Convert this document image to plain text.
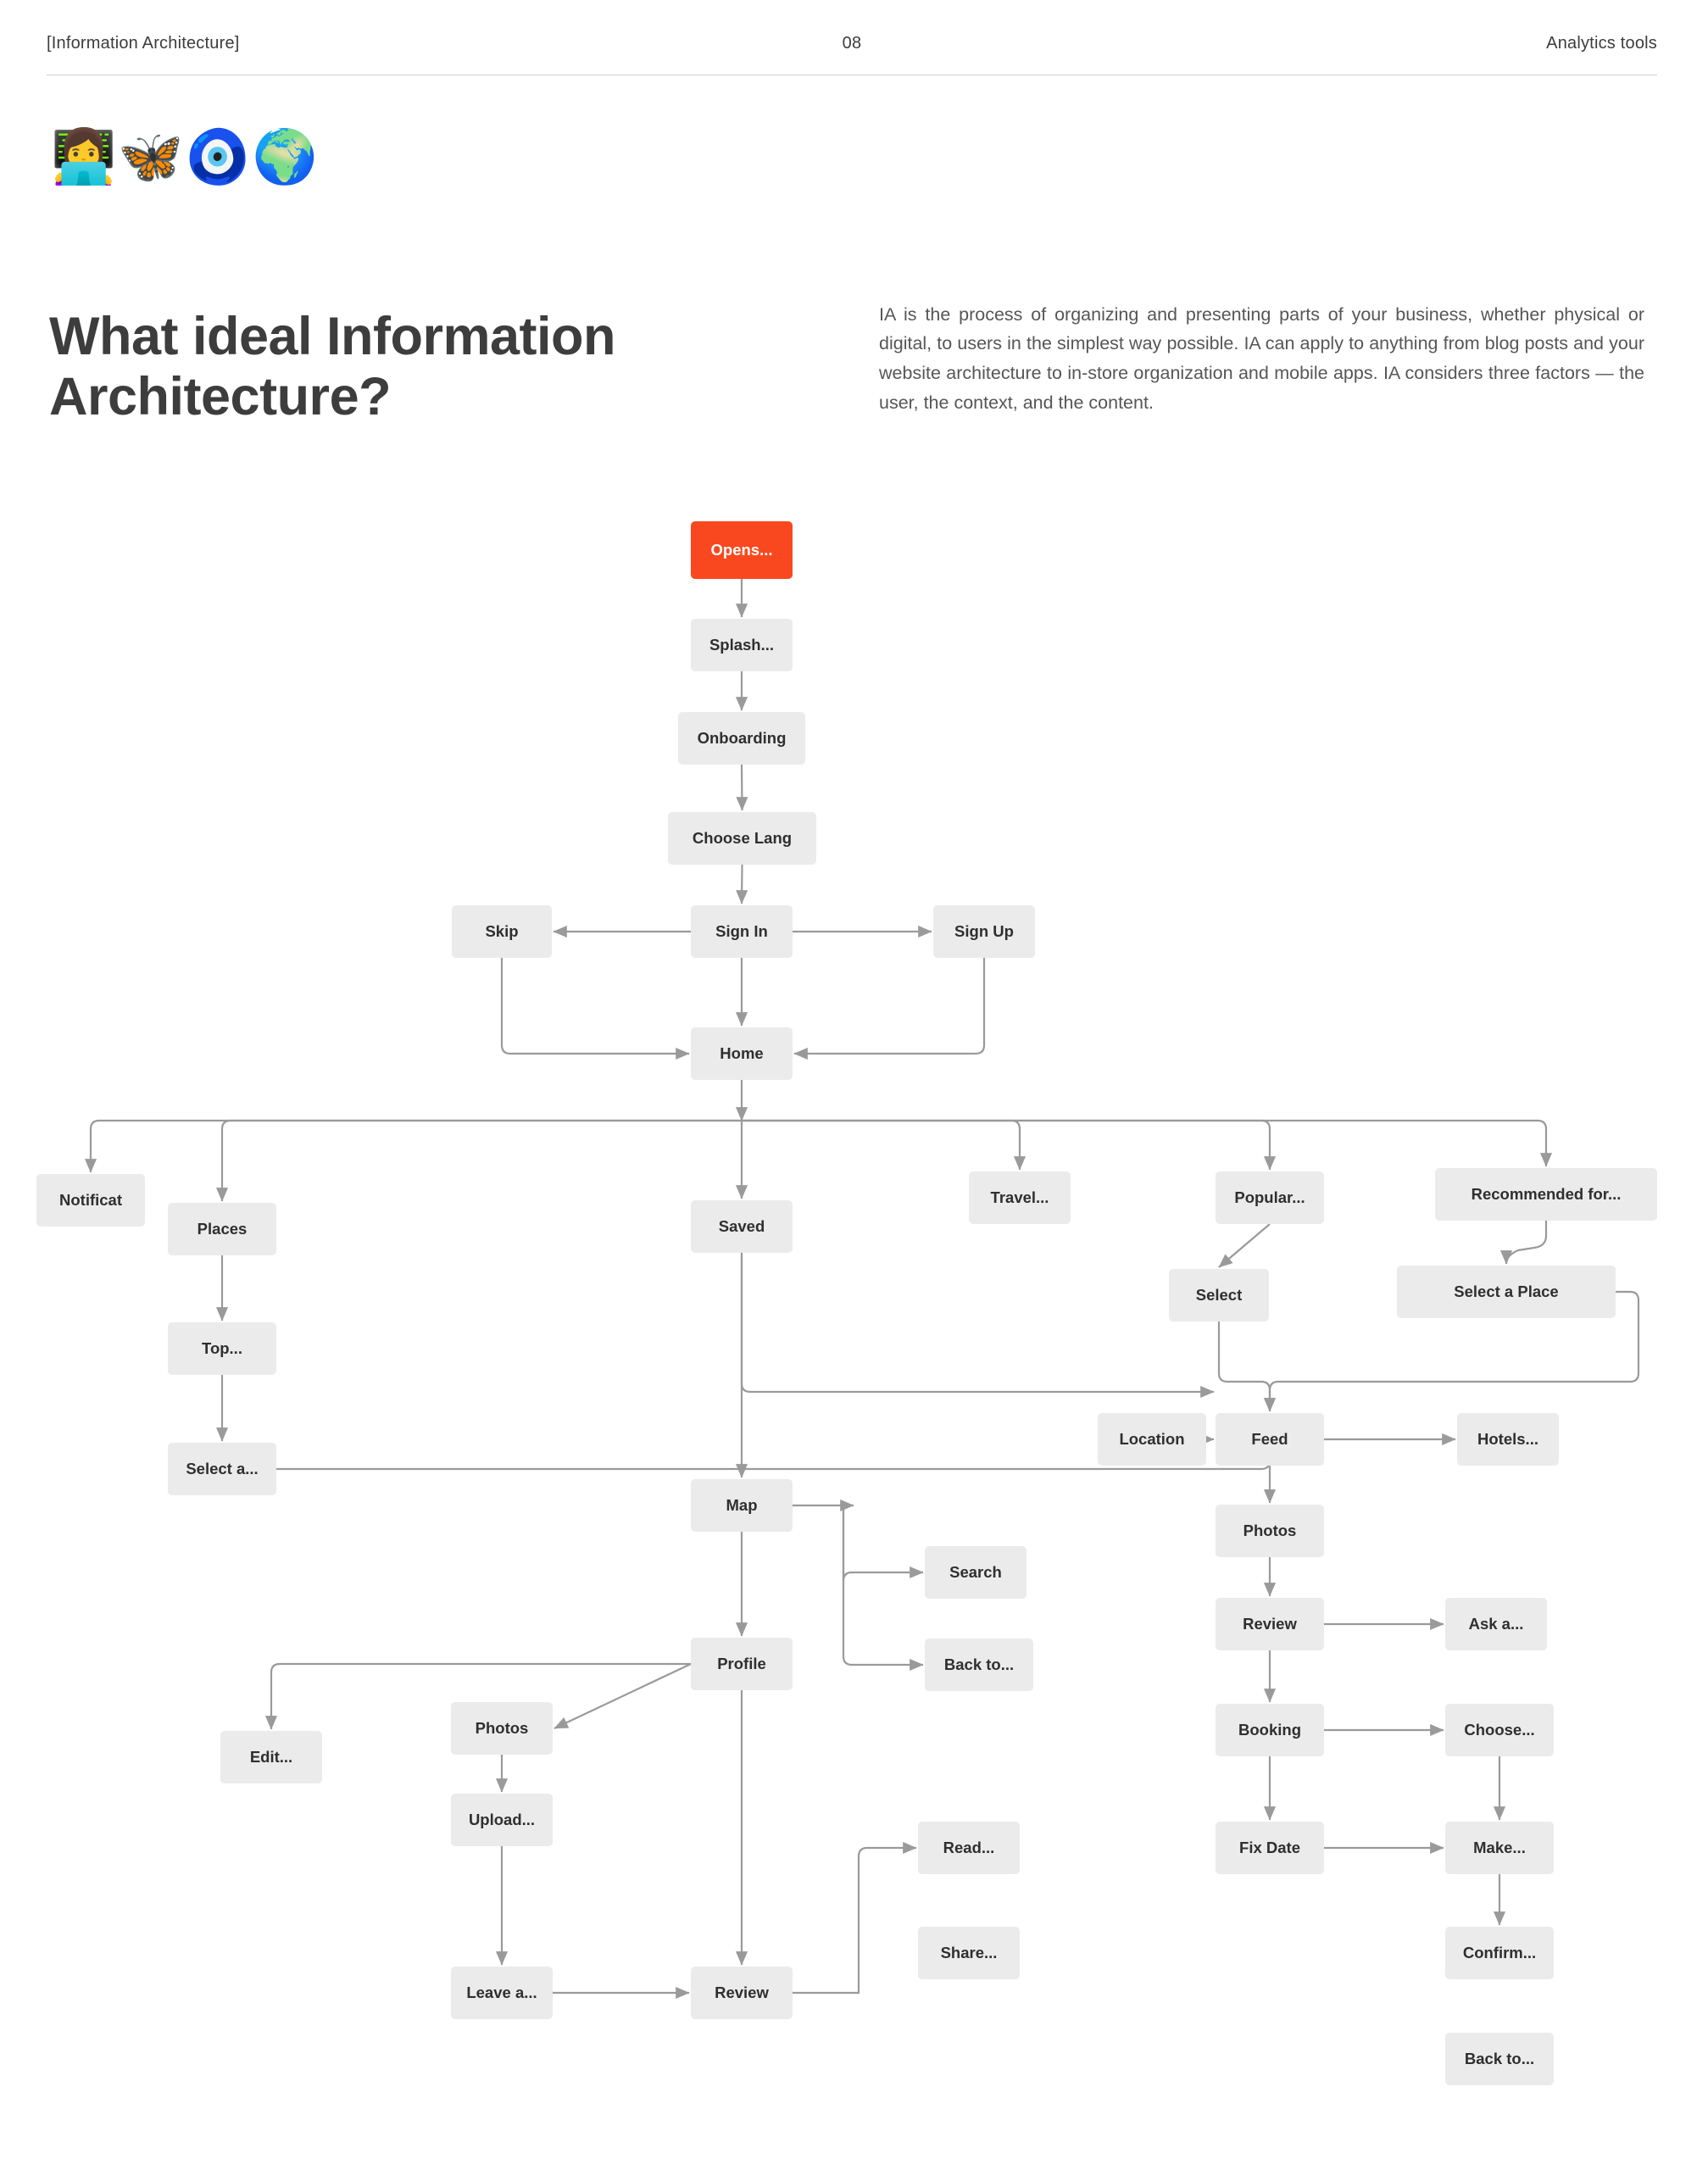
[Information Architecture]	08	Analytics tools
👩‍💻🦋🧿🌍
What ideal Information Architecture?

IA is the process of organizing and presenting parts of your business, whether physical or digital, to users in the simplest way possible. IA can apply to anything from blog posts and your website architecture to in-store organization and mobile apps. IA considers three factors — the user, the context, and the content.

Opens...
Splash...
Onboarding
Choose Lang
Skip	Sign In	Sign Up
Home
Notificat
Places	Saved
Travel...	Popular...	Recommended for...
Select	Select a Place
Top...
Location	Feed	Hotels...
Select a...
Map
Photos
Search
Review	Ask a...
Profile	Back to...
Photos	Booking	Choose...
Edit...
Upload...
Read...	Fix Date	Make...
Share...	Confirm...
Leave a...	Review
Back to...
